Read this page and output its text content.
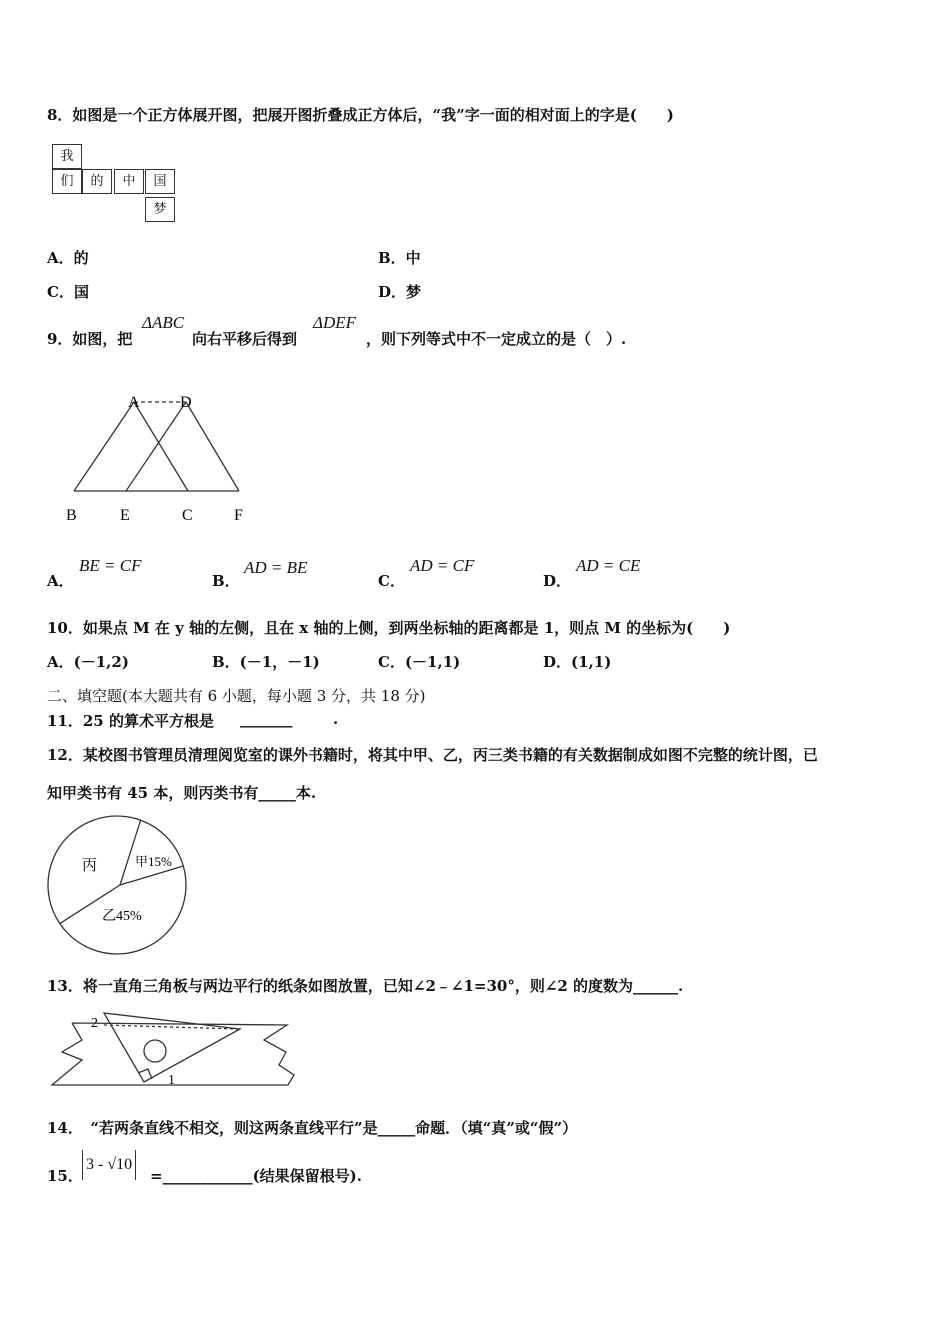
8．如图是一个正方体展开图，把展开图折叠成正方体后，“我”字一面的相对面上的字是(　　)
我
们	的	中	国
梦
A．的	B．中
C．国	D．梦
9．如图，把
ΔABC
向右平移后得到
ΔDEF
，则下列等式中不一定成立的是（　）.
A	D
B	E	C	F
A．
BE = CF
B．
AD = BE
C．
AD = CF
D．
AD = CE
10．如果点 M 在 y 轴的左侧，且在 x 轴的上侧，到两坐标轴的距离都是 1，则点 M 的坐标为(　　)
A．(－1,2)	B．(－1，－1)	C．(－1,1)	D．(1,1)
二、填空题(本大题共有 6 小题，每小题 3 分，共 18 分)
11．25 的算术平方根是 _______	.
12．某校图书管理员清理阅览室的课外书籍时，将其中甲、乙，丙三类书籍的有关数据制成如图不完整的统计图，已
知甲类书有 45 本，则丙类书有_____本.
丙	甲15%
乙45%
13．将一直角三角板与两边平行的纸条如图放置，已知∠2﹣∠1=30°，则∠2 的度数为______.
2
1
14．　“若两条直线不相交，则这两条直线平行”是_____命题．（填“真”或“假”）
15．
3 - √10
=____________(结果保留根号).
